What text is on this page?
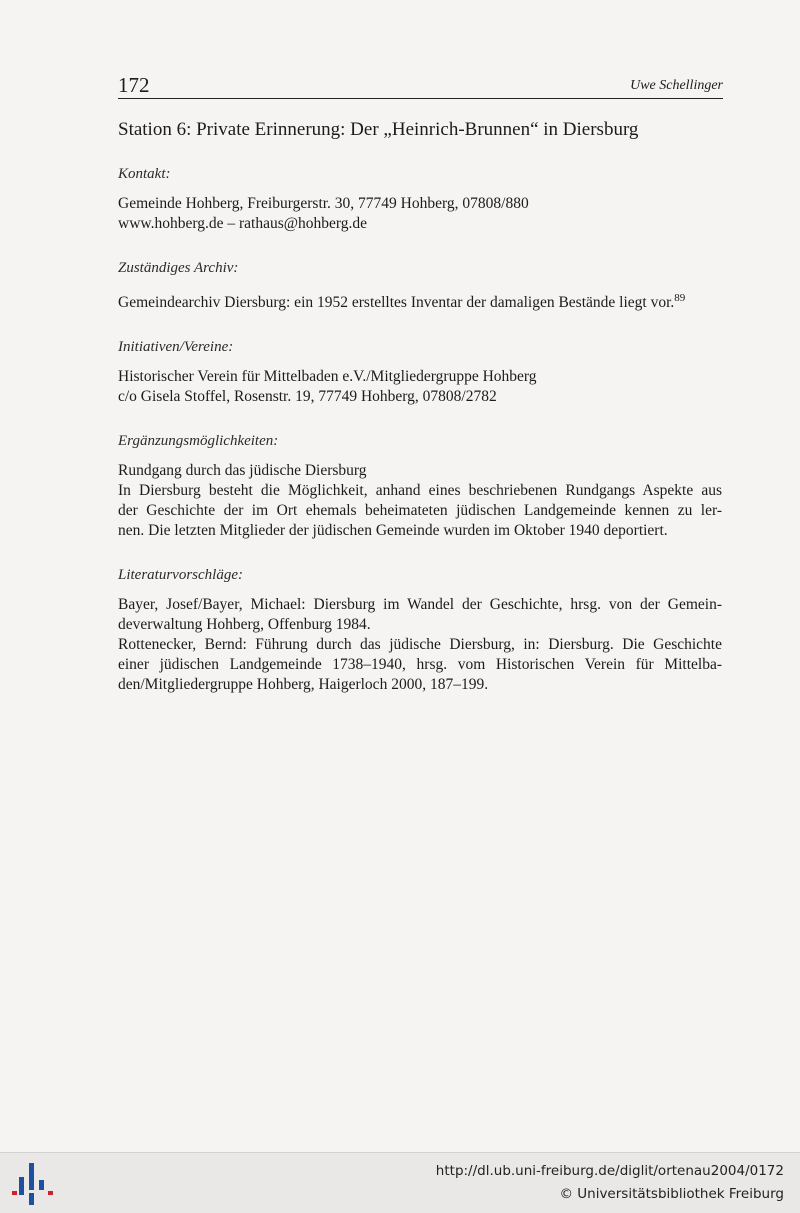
172	Uwe Schellinger
Station 6: Private Erinnerung: Der „Heinrich-Brunnen“ in Diersburg
Kontakt:
Gemeinde Hohberg, Freiburgerstr. 30, 77749 Hohberg, 07808/880
www.hohberg.de – rathaus@hohberg.de
Zuständiges Archiv:
Gemeindearchiv Diersburg: ein 1952 erstelltes Inventar der damaligen Bestände liegt vor.$^{89}$
Initiativen/Vereine:
Historischer Verein für Mittelbaden e.V./Mitgliedergruppe Hohberg
c/o Gisela Stoffel, Rosenstr. 19, 77749 Hohberg, 07808/2782
Ergänzungsmöglichkeiten:
Rundgang durch das jüdische Diersburg
In Diersburg besteht die Möglichkeit, anhand eines beschriebenen Rundgangs Aspekte aus
der Geschichte der im Ort ehemals beheimateten jüdischen Landgemeinde kennen zu ler-
nen. Die letzten Mitglieder der jüdischen Gemeinde wurden im Oktober 1940 deportiert.
Literaturvorschläge:
Bayer, Josef/Bayer, Michael: Diersburg im Wandel der Geschichte, hrsg. von der Gemein-
deverwaltung Hohberg, Offenburg 1984.
Rottenecker, Bernd: Führung durch das jüdische Diersburg, in: Diersburg. Die Geschichte
einer jüdischen Landgemeinde 1738–1940, hrsg. vom Historischen Verein für Mittelba-
den/Mitgliedergruppe Hohberg, Haigerloch 2000, 187–199.
http://dl.ub.uni-freiburg.de/diglit/ortenau2004/0172
© Universitätsbibliothek Freiburg
